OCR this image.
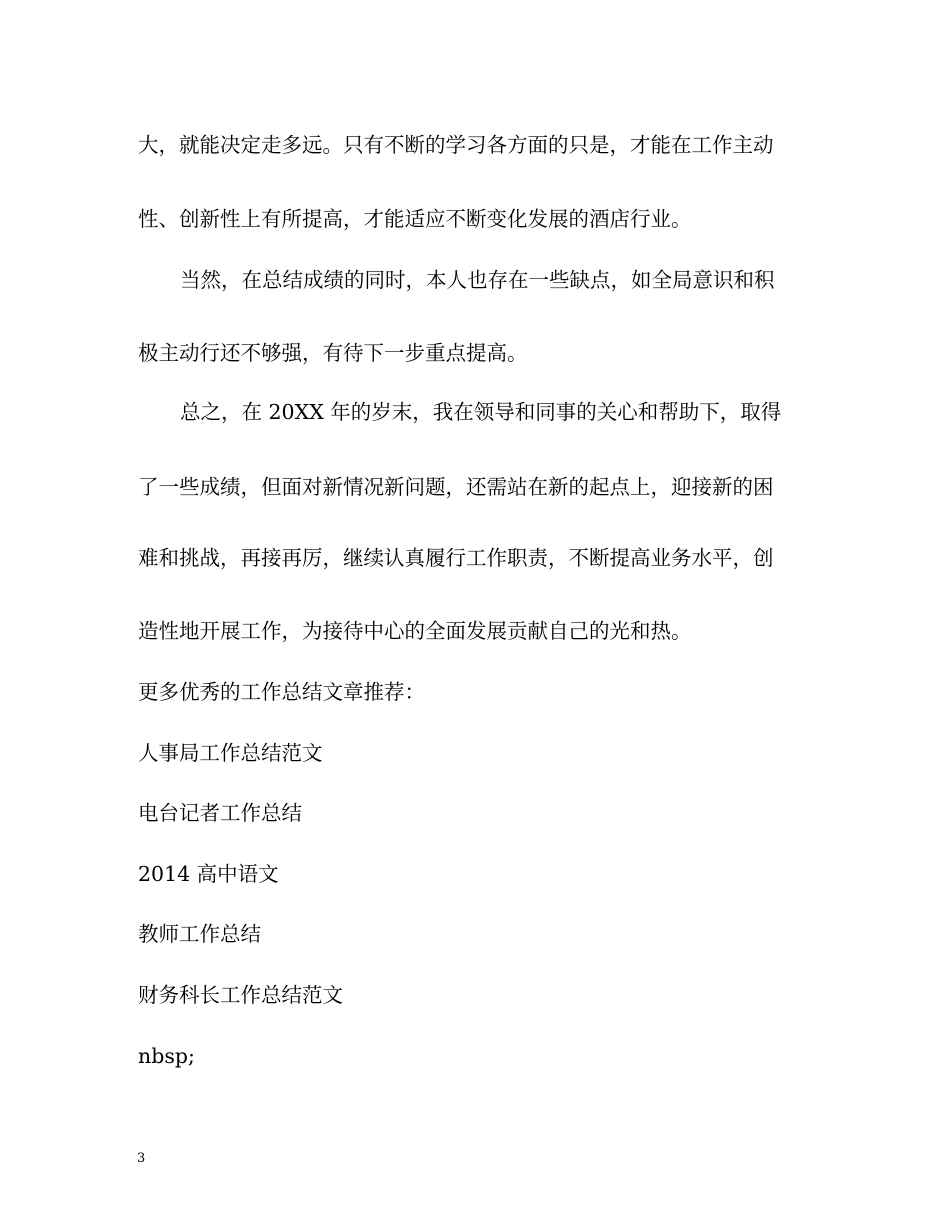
大，就能决定走多远。只有不断的学习各方面的只是，才能在工作主动
性、创新性上有所提高，才能适应不断变化发展的酒店行业。
当然，在总结成绩的同时，本人也存在一些缺点，如全局意识和积
极主动行还不够强，有待下一步重点提高。
总之，在 20XX 年的岁末，我在领导和同事的关心和帮助下，取得
了一些成绩，但面对新情况新问题，还需站在新的起点上，迎接新的困
难和挑战，再接再厉，继续认真履行工作职责，不断提高业务水平，创
造性地开展工作，为接待中心的全面发展贡献自己的光和热。
更多优秀的工作总结文章推荐：
人事局工作总结范文
电台记者工作总结
2014 高中语文
教师工作总结
财务科长工作总结范文
nbsp;
3
